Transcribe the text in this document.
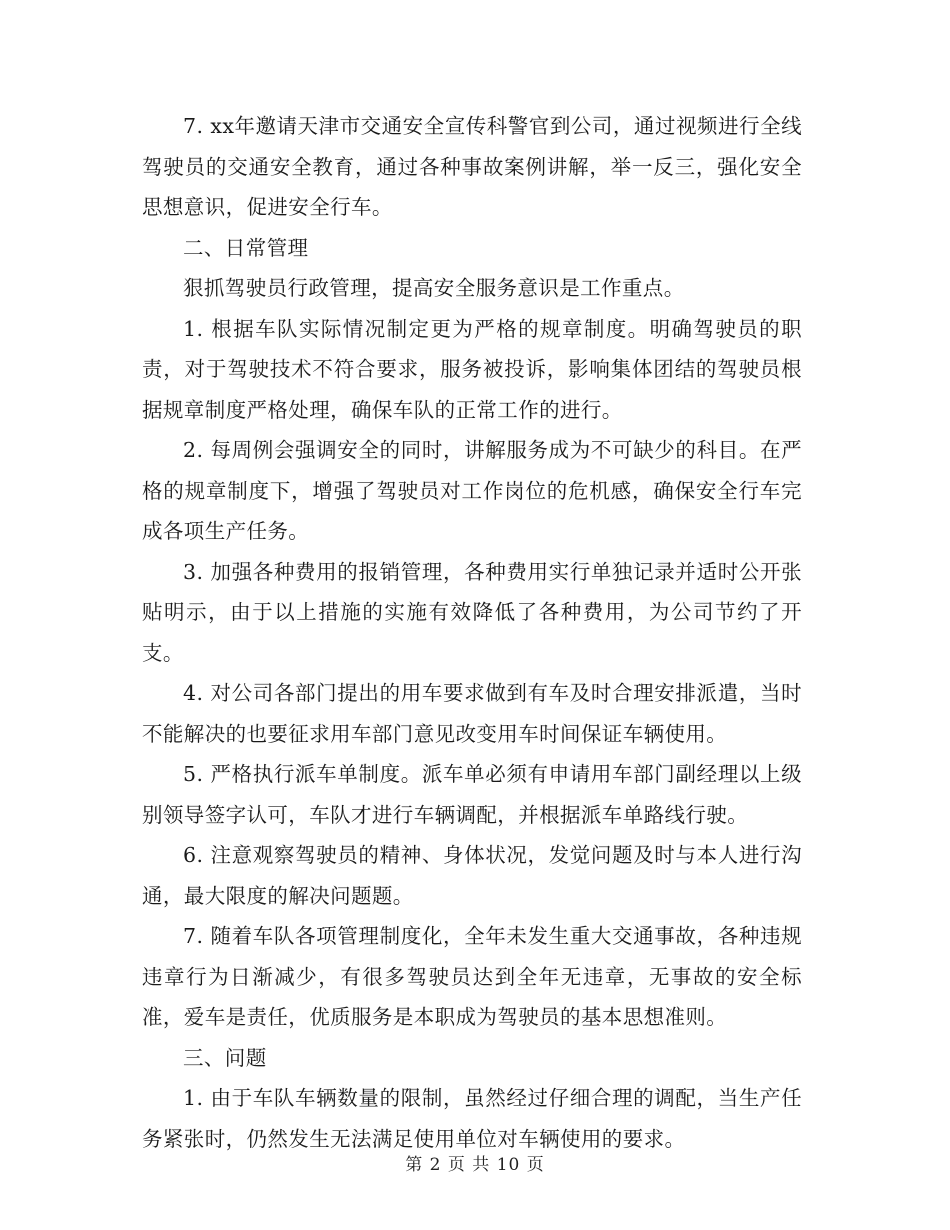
7. xx年邀请天津市交通安全宣传科警官到公司，通过视频进行全线驾驶员的交通安全教育，通过各种事故案例讲解，举一反三，强化安全思想意识，促进安全行车。

二、日常管理

狠抓驾驶员行政管理，提高安全服务意识是工作重点。

1. 根据车队实际情况制定更为严格的规章制度。明确驾驶员的职责，对于驾驶技术不符合要求，服务被投诉，影响集体团结的驾驶员根据规章制度严格处理，确保车队的正常工作的进行。

2. 每周例会强调安全的同时，讲解服务成为不可缺少的科目。在严格的规章制度下，增强了驾驶员对工作岗位的危机感，确保安全行车完成各项生产任务。

3. 加强各种费用的报销管理，各种费用实行单独记录并适时公开张贴明示，由于以上措施的实施有效降低了各种费用，为公司节约了开支。

4. 对公司各部门提出的用车要求做到有车及时合理安排派遣，当时不能解决的也要征求用车部门意见改变用车时间保证车辆使用。

5. 严格执行派车单制度。派车单必须有申请用车部门副经理以上级别领导签字认可，车队才进行车辆调配，并根据派车单路线行驶。

6. 注意观察驾驶员的精神、身体状况，发觉问题及时与本人进行沟通，最大限度的解决问题题。

7. 随着车队各项管理制度化，全年未发生重大交通事故，各种违规违章行为日渐减少，有很多驾驶员达到全年无违章，无事故的安全标准，爱车是责任，优质服务是本职成为驾驶员的基本思想准则。

三、问题

1. 由于车队车辆数量的限制，虽然经过仔细合理的调配，当生产任务紧张时，仍然发生无法满足使用单位对车辆使用的要求。

第 2 页 共 10 页
